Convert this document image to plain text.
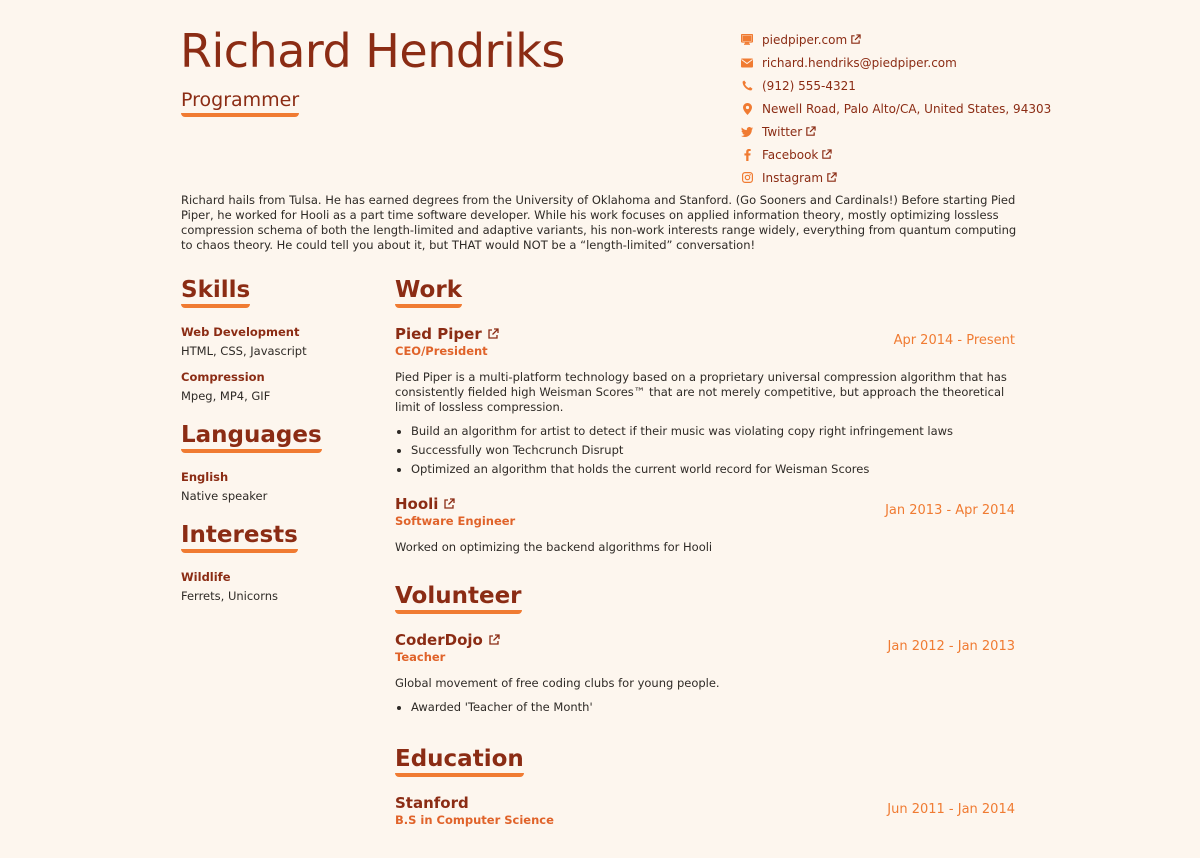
Richard Hendriks
Programmer
piedpiper.com
richard.hendriks@piedpiper.com
(912) 555-4321
Newell Road, Palo Alto/CA, United States, 94303
Twitter
Facebook
Instagram

Richard hails from Tulsa. He has earned degrees from the University of Oklahoma and Stanford. (Go Sooners and Cardinals!) Before starting Pied Piper, he worked for Hooli as a part time software developer. While his work focuses on applied information theory, mostly optimizing lossless compression schema of both the length-limited and adaptive variants, his non-work interests range widely, everything from quantum computing to chaos theory. He could tell you about it, but THAT would NOT be a “length-limited” conversation!

Skills
Web Development
HTML, CSS, Javascript
Compression
Mpeg, MP4, GIF
Languages
English
Native speaker
Interests
Wildlife
Ferrets, Unicorns
Work
Pied Piper
CEO/President
Apr 2014 - Present

Pied Piper is a multi-platform technology based on a proprietary universal compression algorithm that has consistently fielded high Weisman Scores™ that are not merely competitive, but approach the theoretical limit of lossless compression.

Build an algorithm for artist to detect if their music was violating copy right infringement laws
Successfully won Techcrunch Disrupt
Optimized an algorithm that holds the current world record for Weisman Scores
Hooli
Software Engineer
Jan 2013 - Apr 2014

Worked on optimizing the backend algorithms for Hooli

Volunteer
CoderDojo
Teacher
Jan 2012 - Jan 2013

Global movement of free coding clubs for young people.

Awarded 'Teacher of the Month'
Education
Stanford
B.S in Computer Science
Jun 2011 - Jan 2014
